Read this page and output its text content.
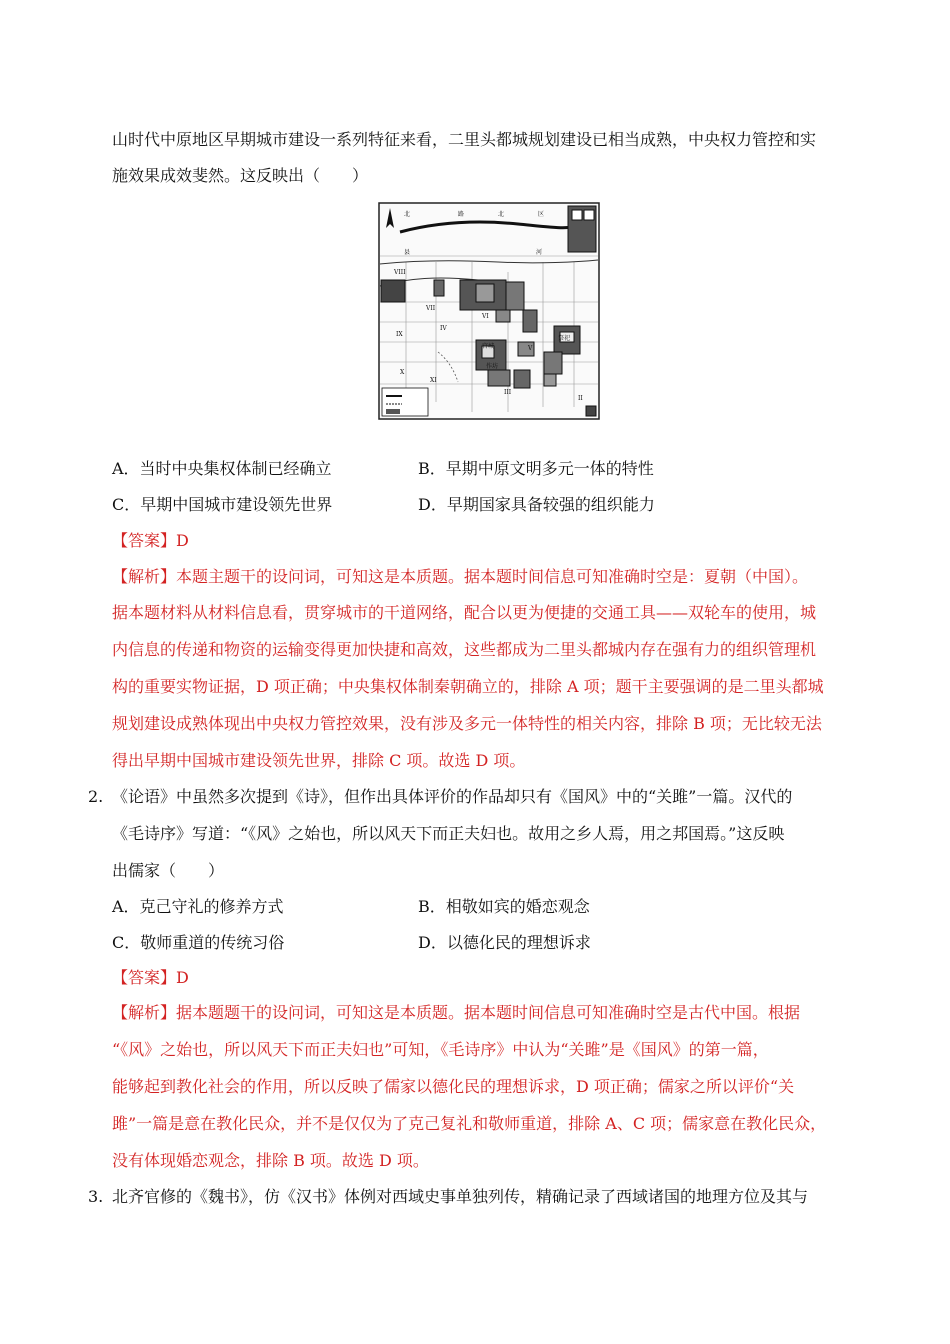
山时代中原地区早期城市建设一系列特征来看，二里头都城规划建设已相当成熟，中央权力管控和实
施效果成效斐然。这反映出（　　）
北	路	北	区
县	河
VIII
VII
VI
IV
IX
X
XI
宫城
作坊
祭祀
V
III
II
A．当时中央集权体制已经确立	B．早期中原文明多元一体的特性
C．早期中国城市建设领先世界	D．早期国家具备较强的组织能力
【答案】D
【解析】本题主题干的设问词，可知这是本质题。据本题时间信息可知准确时空是：夏朝（中国）。
据本题材料从材料信息看，贯穿城市的干道网络，配合以更为便捷的交通工具——双轮车的使用，城
内信息的传递和物资的运输变得更加快捷和高效，这些都成为二里头都城内存在强有力的组织管理机
构的重要实物证据，D 项正确；中央集权体制秦朝确立的，排除 A 项；题干主要强调的是二里头都城
规划建设成熟体现出中央权力管控效果，没有涉及多元一体特性的相关内容，排除 B 项；无比较无法
得出早期中国城市建设领先世界，排除 C 项。故选 D 项。
2. 《论语》中虽然多次提到《诗》，但作出具体评价的作品却只有《国风》中的“关雎”一篇。汉代的
《毛诗序》写道：“《风》之始也，所以风天下而正夫妇也。故用之乡人焉，用之邦国焉。”这反映
出儒家（　　）
A．克己守礼的修养方式	B．相敬如宾的婚恋观念
C．敬师重道的传统习俗	D．以德化民的理想诉求
【答案】D
【解析】据本题题干的设问词，可知这是本质题。据本题时间信息可知准确时空是古代中国。根据
“《风》之始也，所以风天下而正夫妇也”可知，《毛诗序》中认为“关雎”是《国风》的第一篇，
能够起到教化社会的作用，所以反映了儒家以德化民的理想诉求，D 项正确；儒家之所以评价“关
雎”一篇是意在教化民众，并不是仅仅为了克己复礼和敬师重道，排除 A、C 项；儒家意在教化民众，
没有体现婚恋观念，排除 B 项。故选 D 项。
3. 北齐官修的《魏书》，仿《汉书》体例对西域史事单独列传，精确记录了西域诸国的地理方位及其与
